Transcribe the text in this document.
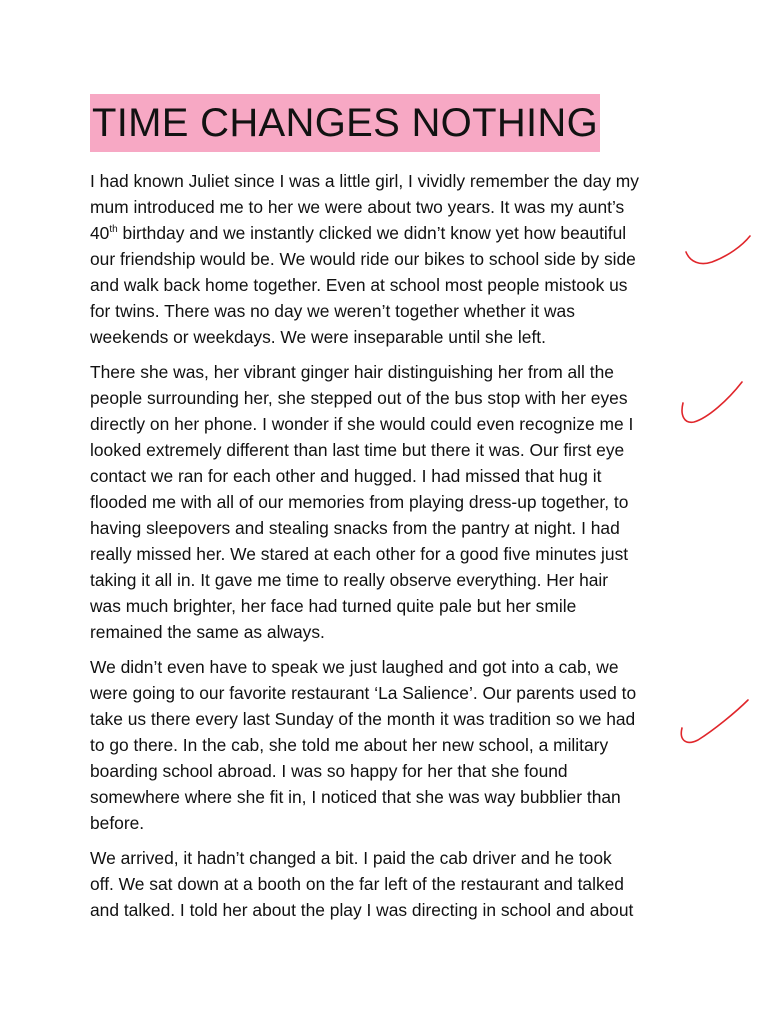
TIME CHANGES NOTHING

I had known Juliet since I was a little girl, I vividly remember the day my
mum introduced me to her we were about two years. It was my aunt’s
40th birthday and we instantly clicked we didn’t know yet how beautiful
our friendship would be. We would ride our bikes to school side by side
and walk back home together. Even at school most people mistook us
for twins. There was no day we weren’t together whether it was
weekends or weekdays. We were inseparable until she left.

There she was, her vibrant ginger hair distinguishing her from all the
people surrounding her, she stepped out of the bus stop with her eyes
directly on her phone. I wonder if she would could even recognize me I
looked extremely different than last time but there it was. Our first eye
contact we ran for each other and hugged. I had missed that hug it
flooded me with all of our memories from playing dress-up together, to
having sleepovers and stealing snacks from the pantry at night. I had
really missed her. We stared at each other for a good five minutes just
taking it all in. It gave me time to really observe everything. Her hair
was much brighter, her face had turned quite pale but her smile
remained the same as always.

We didn’t even have to speak we just laughed and got into a cab, we
were going to our favorite restaurant ‘La Salience’. Our parents used to
take us there every last Sunday of the month it was tradition so we had
to go there. In the cab, she told me about her new school, a military
boarding school abroad. I was so happy for her that she found
somewhere where she fit in, I noticed that she was way bubblier than
before.

We arrived, it hadn’t changed a bit. I paid the cab driver and he took
off. We sat down at a booth on the far left of the restaurant and talked
and talked. I told her about the play I was directing in school and about
